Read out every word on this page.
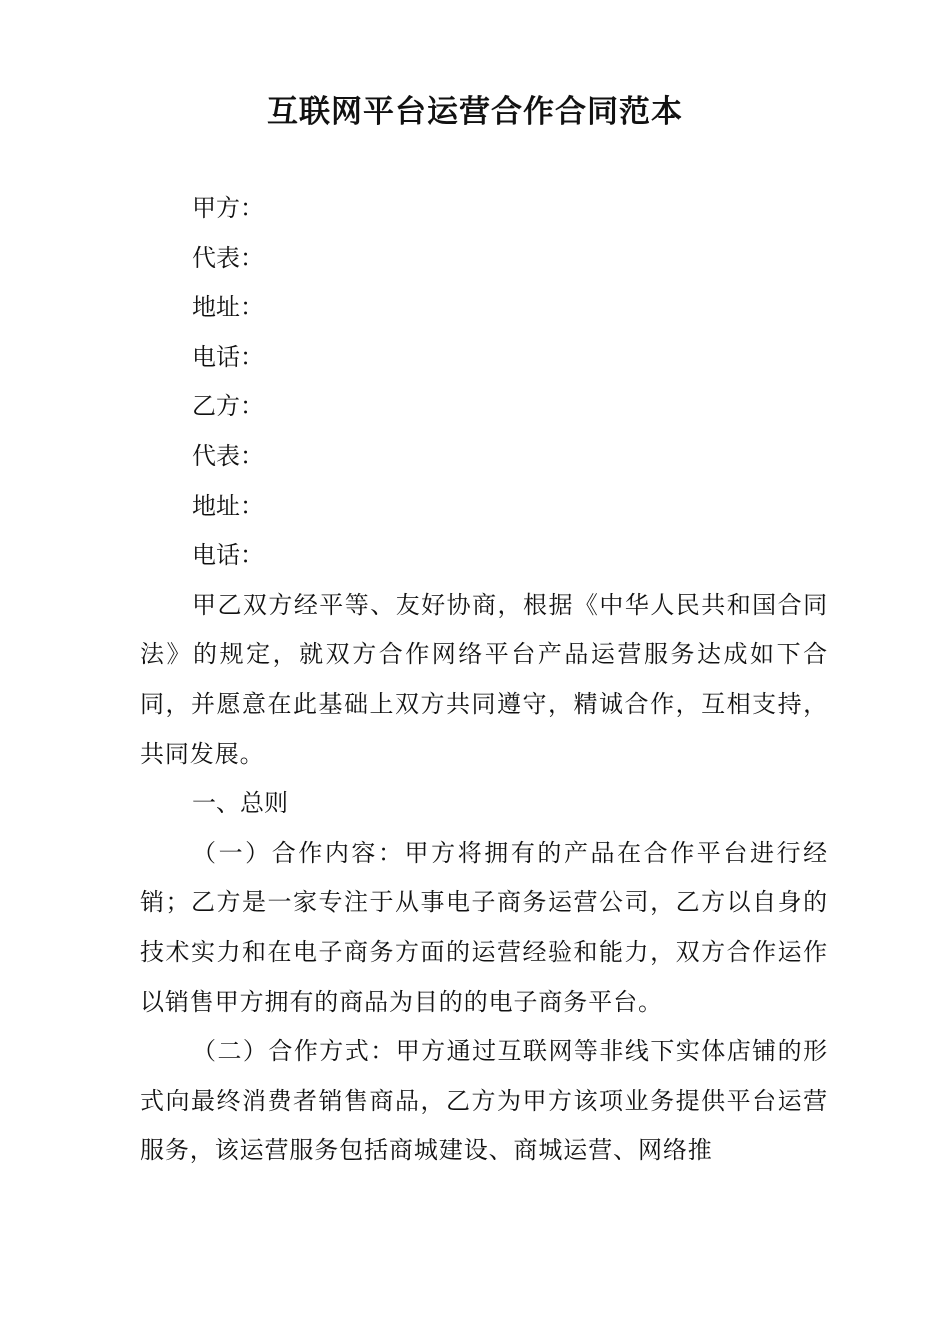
互联网平台运营合作合同范本

甲方：

代表：

地址：

电话：

乙方：

代表：

地址：

电话：

甲乙双方经平等、友好协商，根据《中华人民共和国合同法》的规定，就双方合作网络平台产品运营服务达成如下合同，并愿意在此基础上双方共同遵守，精诚合作，互相支持，共同发展。

一、总则

（一）合作内容：甲方将拥有的产品在合作平台进行经销；乙方是一家专注于从事电子商务运营公司，乙方以自身的技术实力和在电子商务方面的运营经验和能力，双方合作运作以销售甲方拥有的商品为目的的电子商务平台。

（二）合作方式：甲方通过互联网等非线下实体店铺的形式向最终消费者销售商品，乙方为甲方该项业务提供平台运营服务，该运营服务包括商城建设、商城运营、网络推
